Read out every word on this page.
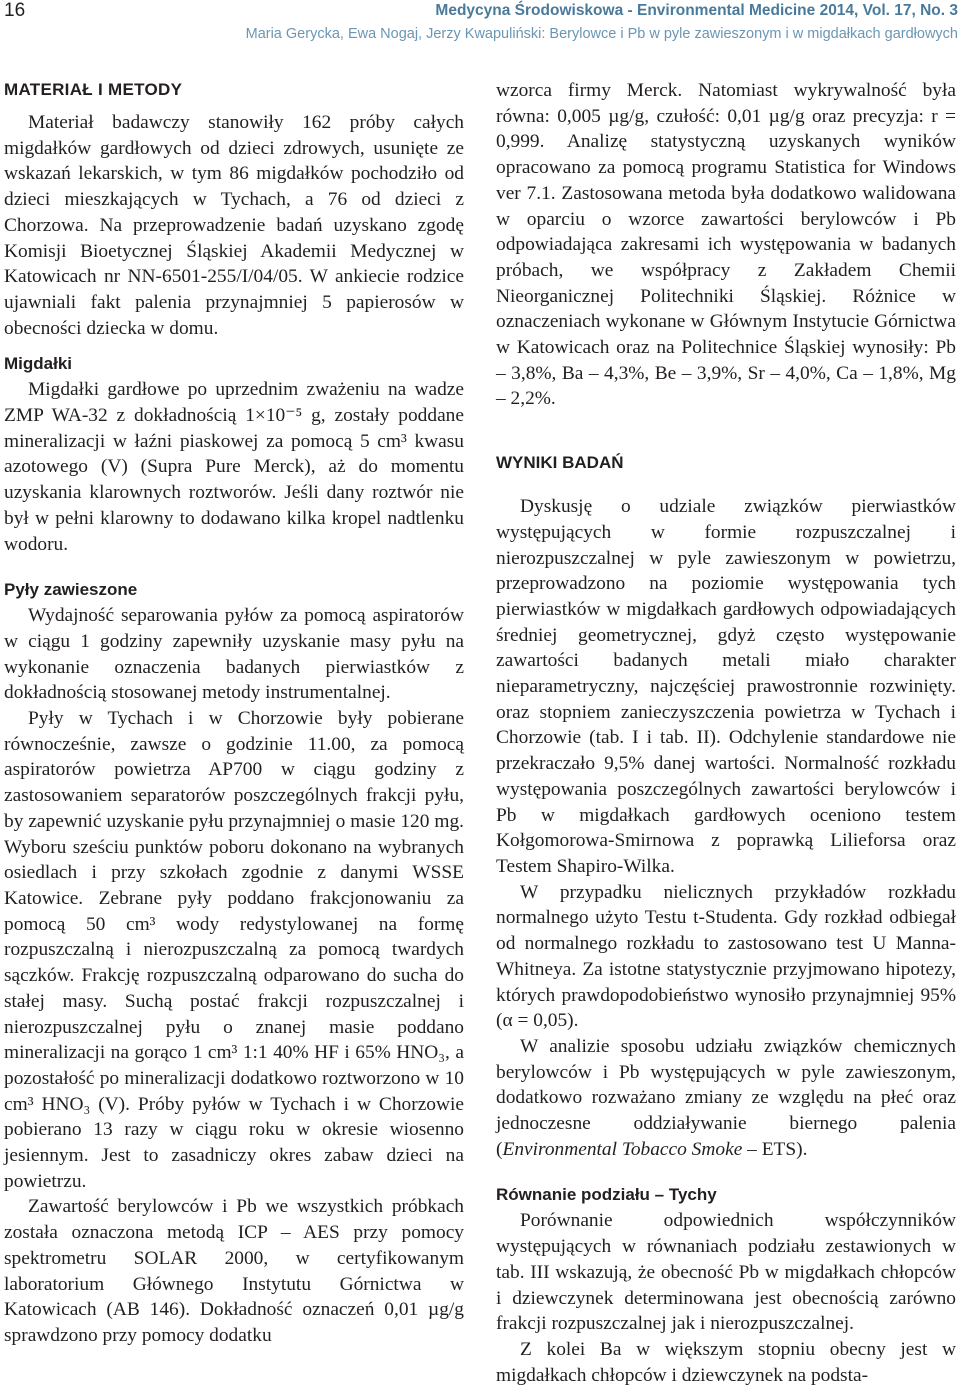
16	Medycyna Środowiskowa - Environmental Medicine 2014, Vol. 17, No. 3
Maria Gerycka, Ewa Nogaj, Jerzy Kwapuliński: Berylowce i Pb w pyle zawieszonym i w migdałkach gardłowych
MATERIAŁ I METODY

Materiał badawczy stanowiły 162 próby całych migdałków gardłowych od dzieci zdrowych, usunięte ze wskazań lekarskich, w tym 86 migdałków pochodziło od dzieci mieszkających w Tychach, a 76 od dzieci z Chorzowa. Na przeprowadzenie badań uzyskano zgodę Komisji Bioetycznej Śląskiej Akademii Medycznej w Katowicach nr NN-6501-255/I/04/05. W ankiecie rodzice ujawniali fakt palenia przynajmniej 5 papierosów w obecności dziecka w domu.

Migdałki

Migdałki gardłowe po uprzednim zważeniu na wadze ZMP WA-32 z dokładnością 1×10⁻⁵ g, zostały poddane mineralizacji w łaźni piaskowej za pomocą 5 cm³ kwasu azotowego (V) (Supra Pure Merck), aż do momentu uzyskania klarownych roztworów. Jeśli dany roztwór nie był w pełni klarowny to dodawano kilka kropel nadtlenku wodoru.

Pyły zawieszone

Wydajność separowania pyłów za pomocą aspiratorów w ciągu 1 godziny zapewniły uzyskanie masy pyłu na wykonanie oznaczenia badanych pierwiastków z dokładnością stosowanej metody instrumentalnej.

Pyły w Tychach i w Chorzowie były pobierane równocześnie, zawsze o godzinie 11.00, za pomocą aspiratorów powietrza AP700 w ciągu godziny z zastosowaniem separatorów poszczególnych frakcji pyłu, by zapewnić uzyskanie pyłu przynajmniej o masie 120 mg. Wyboru sześciu punktów poboru dokonano na wybranych osiedlach i przy szkołach zgodnie z danymi WSSE Katowice. Zebrane pyły poddano frakcjonowaniu za pomocą 50 cm³ wody redystylowanej na formę rozpuszczalną i nierozpuszczalną za pomocą twardych sączków. Frakcję rozpuszczalną odparowano do sucha do stałej masy. Suchą postać frakcji rozpuszczalnej i nierozpuszczalnej pyłu o znanej masie poddano mineralizacji na gorąco 1 cm³ 1:1 40% HF i 65% HNO₃, a pozostałość po mineralizacji dodatkowo roztworzono w 10 cm³ HNO₃ (V). Próby pyłów w Tychach i w Chorzowie pobierano 13 razy w ciągu roku w okresie wiosenno jesiennym. Jest to zasadniczy okres zabaw dzieci na powietrzu.

Zawartość berylowców i Pb we wszystkich próbkach została oznaczona metodą ICP – AES przy pomocy spektrometru SOLAR 2000, w certyfikowanym laboratorium Głównego Instytutu Górnictwa w Katowicach (AB 146). Dokładność oznaczeń 0,01 µg/g sprawdzono przy pomocy dodatku

wzorca firmy Merck. Natomiast wykrywalność była równa: 0,005 µg/g, czułość: 0,01 µg/g oraz precyzja: r = 0,999. Analizę statystyczną uzyskanych wyników opracowano za pomocą programu Statistica for Windows ver 7.1. Zastosowana metoda była dodatkowo walidowana w oparciu o wzorce zawartości berylowców i Pb odpowiadająca zakresami ich występowania w badanych próbach, we współpracy z Zakładem Chemii Nieorganicznej Politechniki Śląskiej. Różnice w oznaczeniach wykonane w Głównym Instytucie Górnictwa w Katowicach oraz na Politechnice Śląskiej wynosiły: Pb – 3,8%, Ba – 4,3%, Be – 3,9%, Sr – 4,0%, Ca – 1,8%, Mg – 2,2%.

WYNIKI BADAŃ

Dyskusję o udziale związków pierwiastków występujących w formie rozpuszczalnej i nierozpuszczalnej w pyle zawieszonym w powietrzu, przeprowadzono na poziomie występowania tych pierwiastków w migdałkach gardłowych odpowiadających średniej geometrycznej, gdyż często występowanie zawartości badanych metali miało charakter nieparametryczny, najczęściej prawostronnie rozwinięty. oraz stopniem zanieczyszczenia powietrza w Tychach i Chorzowie (tab. I i tab. II). Odchylenie standardowe nie przekraczało 9,5% danej wartości. Normalność rozkładu występowania poszczególnych zawartości berylowców i Pb w migdałkach gardłowych oceniono testem Kołgomorowa-Smirnowa z poprawką Lilieforsa oraz Testem Shapiro-Wilka.

W przypadku nielicznych przykładów rozkładu normalnego użyto Testu t-Studenta. Gdy rozkład odbiegał od normalnego rozkładu to zastosowano test U Manna-Whitneya. Za istotne statystycznie przyjmowano hipotezy, których prawdopodobieństwo wynosiło przynajmniej 95% (α = 0,05).

W analizie sposobu udziału związków chemicznych berylowców i Pb występujących w pyle zawieszonym, dodatkowo rozważano zmiany ze względu na płeć oraz jednoczesne oddziaływanie biernego palenia (Environmental Tobacco Smoke – ETS).

Równanie podziału – Tychy

Porównanie odpowiednich współczynników występujących w równaniach podziału zestawionych w tab. III wskazują, że obecność Pb w migdałkach chłopców i dziewczynek determinowana jest obecnością zarówno frakcji rozpuszczalnej jak i nierozpuszczalnej.

Z kolei Ba w większym stopniu obecny jest w migdałkach chłopców i dziewczynek na podsta-
